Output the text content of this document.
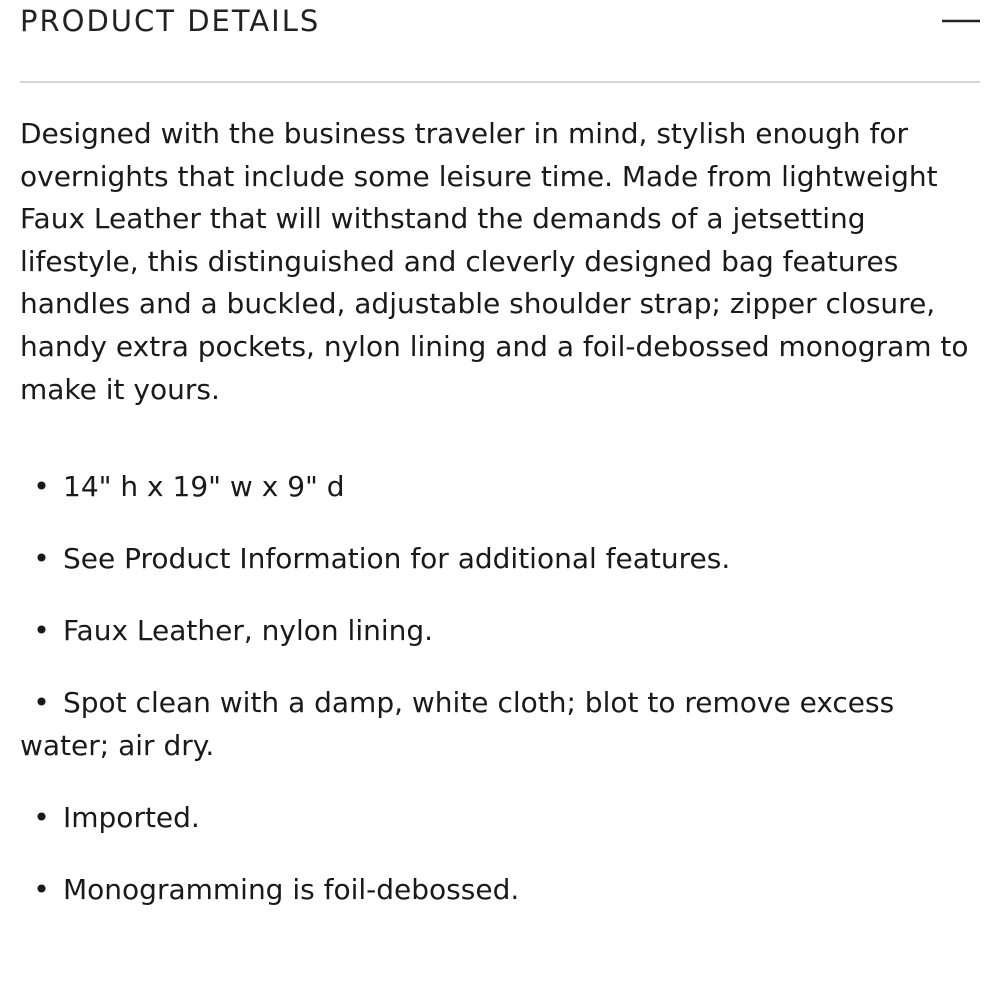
PRODUCT DETAILS

Designed with the business traveler in mind, stylish enough for overnights that include some leisure time. Made from lightweight Faux Leather that will withstand the demands of a jetsetting lifestyle, this distinguished and cleverly designed bag features handles and a buckled, adjustable shoulder strap; zipper closure, handy extra pockets, nylon lining and a foil-debossed monogram to make it yours.

• 14" h x 19" w x 9" d
• See Product Information for additional features.
• Faux Leather, nylon lining.
• Spot clean with a damp, white cloth; blot to remove excess water; air dry.
• Imported.
• Monogramming is foil-debossed.
